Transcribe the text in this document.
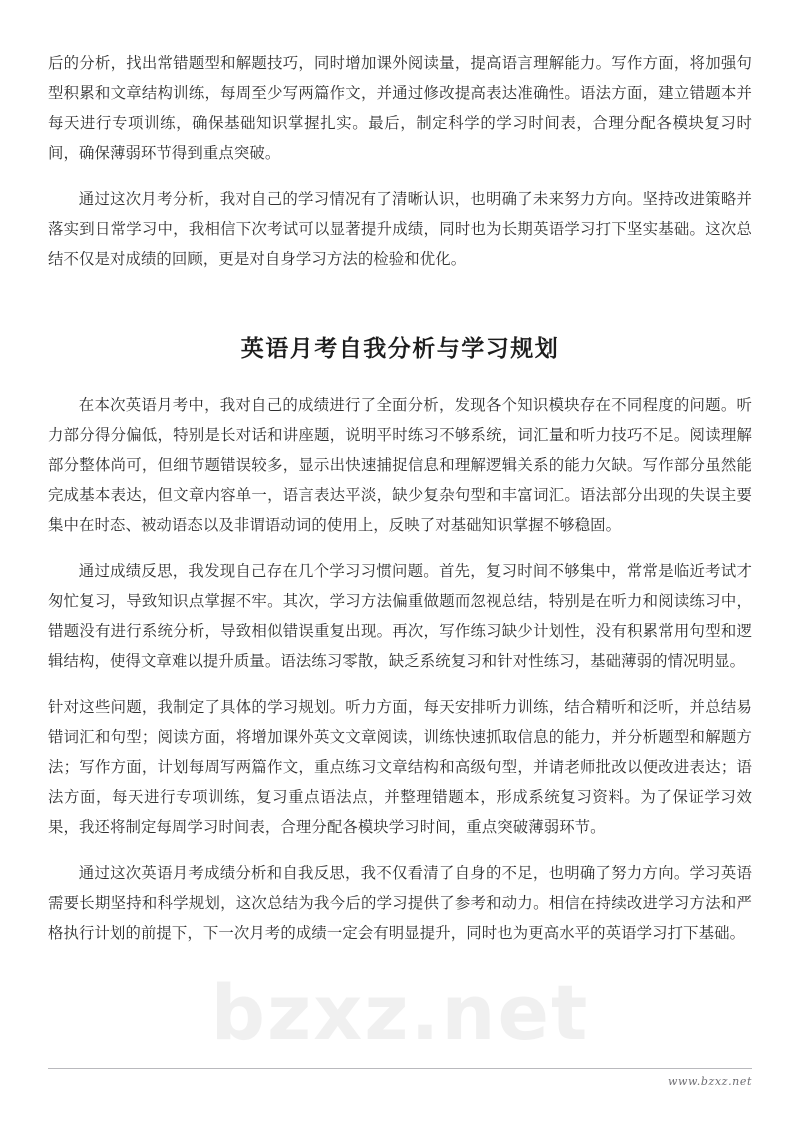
bzxz.net

后的分析，找出常错题型和解题技巧，同时增加课外阅读量，提高语言理解能力。写作方面，将加强句型积累和文章结构训练，每周至少写两篇作文，并通过修改提高表达准确性。语法方面，建立错题本并每天进行专项训练，确保基础知识掌握扎实。最后，制定科学的学习时间表，合理分配各模块复习时间，确保薄弱环节得到重点突破。

通过这次月考分析，我对自己的学习情况有了清晰认识，也明确了未来努力方向。坚持改进策略并落实到日常学习中，我相信下次考试可以显著提升成绩，同时也为长期英语学习打下坚实基础。这次总结不仅是对成绩的回顾，更是对自身学习方法的检验和优化。

英语月考自我分析与学习规划

在本次英语月考中，我对自己的成绩进行了全面分析，发现各个知识模块存在不同程度的问题。听力部分得分偏低，特别是长对话和讲座题，说明平时练习不够系统，词汇量和听力技巧不足。阅读理解部分整体尚可，但细节题错误较多，显示出快速捕捉信息和理解逻辑关系的能力欠缺。写作部分虽然能完成基本表达，但文章内容单一，语言表达平淡，缺少复杂句型和丰富词汇。语法部分出现的失误主要集中在时态、被动语态以及非谓语动词的使用上，反映了对基础知识掌握不够稳固。

通过成绩反思，我发现自己存在几个学习习惯问题。首先，复习时间不够集中，常常是临近考试才匆忙复习，导致知识点掌握不牢。其次，学习方法偏重做题而忽视总结，特别是在听力和阅读练习中，错题没有进行系统分析，导致相似错误重复出现。再次，写作练习缺少计划性，没有积累常用句型和逻辑结构，使得文章难以提升质量。语法练习零散，缺乏系统复习和针对性练习，基础薄弱的情况明显。

针对这些问题，我制定了具体的学习规划。听力方面，每天安排听力训练，结合精听和泛听，并总结易错词汇和句型；阅读方面，将增加课外英文文章阅读，训练快速抓取信息的能力，并分析题型和解题方法；写作方面，计划每周写两篇作文，重点练习文章结构和高级句型，并请老师批改以便改进表达；语法方面，每天进行专项训练，复习重点语法点，并整理错题本，形成系统复习资料。为了保证学习效果，我还将制定每周学习时间表，合理分配各模块学习时间，重点突破薄弱环节。

通过这次英语月考成绩分析和自我反思，我不仅看清了自身的不足，也明确了努力方向。学习英语需要长期坚持和科学规划，这次总结为我今后的学习提供了参考和动力。相信在持续改进学习方法和严格执行计划的前提下，下一次月考的成绩一定会有明显提升，同时也为更高水平的英语学习打下基础。

www.bzxz.net
